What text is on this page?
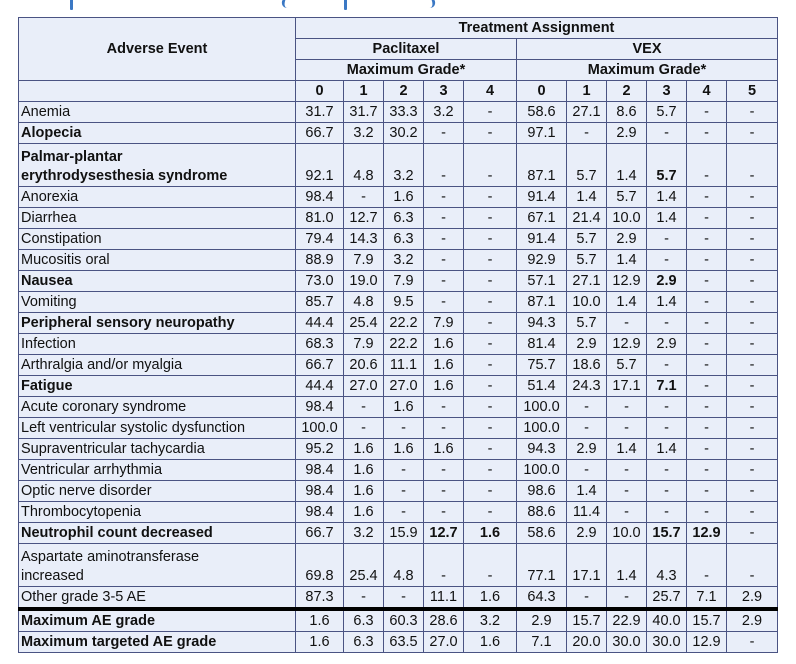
Adverse Event	Treatment Assignment										
	Paclitaxel					VEX					
	Maximum Grade*					Maximum Grade*					
	0	1	2	3	4	0	1	2	3	4	5
Anemia	31.7	31.7	33.3	3.2	-	58.6	27.1	8.6	5.7	-	-
Alopecia	66.7	3.2	30.2	-	-	97.1	-	2.9	-	-	-
Palmar-plantar
erythrodysesthesia syndrome	92.1	4.8	3.2	-	-	87.1	5.7	1.4	5.7	-	-
Anorexia	98.4	-	1.6	-	-	91.4	1.4	5.7	1.4	-	-
Diarrhea	81.0	12.7	6.3	-	-	67.1	21.4	10.0	1.4	-	-
Constipation	79.4	14.3	6.3	-	-	91.4	5.7	2.9	-	-	-
Mucositis oral	88.9	7.9	3.2	-	-	92.9	5.7	1.4	-	-	-
Nausea	73.0	19.0	7.9	-	-	57.1	27.1	12.9	2.9	-	-
Vomiting	85.7	4.8	9.5	-	-	87.1	10.0	1.4	1.4	-	-
Peripheral sensory neuropathy	44.4	25.4	22.2	7.9	-	94.3	5.7	-	-	-	-
Infection	68.3	7.9	22.2	1.6	-	81.4	2.9	12.9	2.9	-	-
Arthralgia and/or myalgia	66.7	20.6	11.1	1.6	-	75.7	18.6	5.7	-	-	-
Fatigue	44.4	27.0	27.0	1.6	-	51.4	24.3	17.1	7.1	-	-
Acute coronary syndrome	98.4	-	1.6	-	-	100.0	-	-	-	-	-
Left ventricular systolic dysfunction	100.0	-	-	-	-	100.0	-	-	-	-	-
Supraventricular tachycardia	95.2	1.6	1.6	1.6	-	94.3	2.9	1.4	1.4	-	-
Ventricular arrhythmia	98.4	1.6	-	-	-	100.0	-	-	-	-	-
Optic nerve disorder	98.4	1.6	-	-	-	98.6	1.4	-	-	-	-
Thrombocytopenia	98.4	1.6	-	-	-	88.6	11.4	-	-	-	-
Neutrophil count decreased	66.7	3.2	15.9	12.7	1.6	58.6	2.9	10.0	15.7	12.9	-
Aspartate aminotransferase
increased	69.8	25.4	4.8	-	-	77.1	17.1	1.4	4.3	-	-
Other grade 3-5 AE	87.3	-	-	11.1	1.6	64.3	-	-	25.7	7.1	2.9
Maximum AE grade	1.6	6.3	60.3	28.6	3.2	2.9	15.7	22.9	40.0	15.7	2.9
Maximum targeted AE grade	1.6	6.3	63.5	27.0	1.6	7.1	20.0	30.0	30.0	12.9	-
